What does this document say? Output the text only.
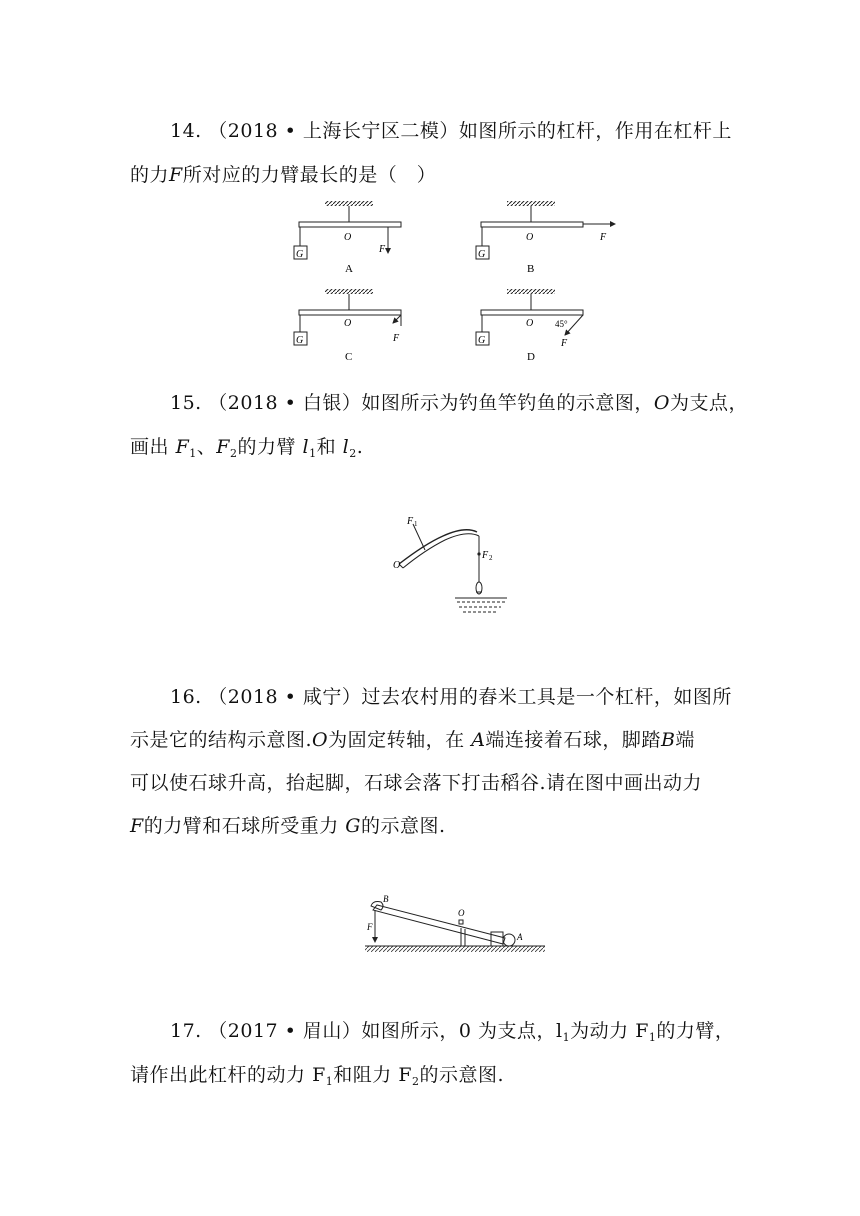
14. （2018 • 上海长宁区二模）如图所示的杠杆，作用在杠杆上
的力F所对应的力臂最长的是（　）
G
O
F
A
G
O	F
B
G
O
F
C
G
O 45°
F
D
15. （2018 • 白银）如图所示为钓鱼竿钓鱼的示意图，O为支点，
画出 $F_1$、$F_2$的力臂 $l_1$和 $l_2$.
F 1
F 2
O
16. （2018 • 咸宁）过去农村用的舂米工具是一个杠杆，如图所
示是它的结构示意图.O为固定转轴，在 A端连接着石球，脚踏B端
可以使石球升高，抬起脚，石球会落下打击稻谷.请在图中画出动力
F的力臂和石球所受重力 G的示意图.
B
F
O
A
17. （2017 • 眉山）如图所示，0 为支点，$l_1$为动力 $F_1$的力臂，
请作出此杠杆的动力 $F_1$和阻力 $F_2$的示意图.
